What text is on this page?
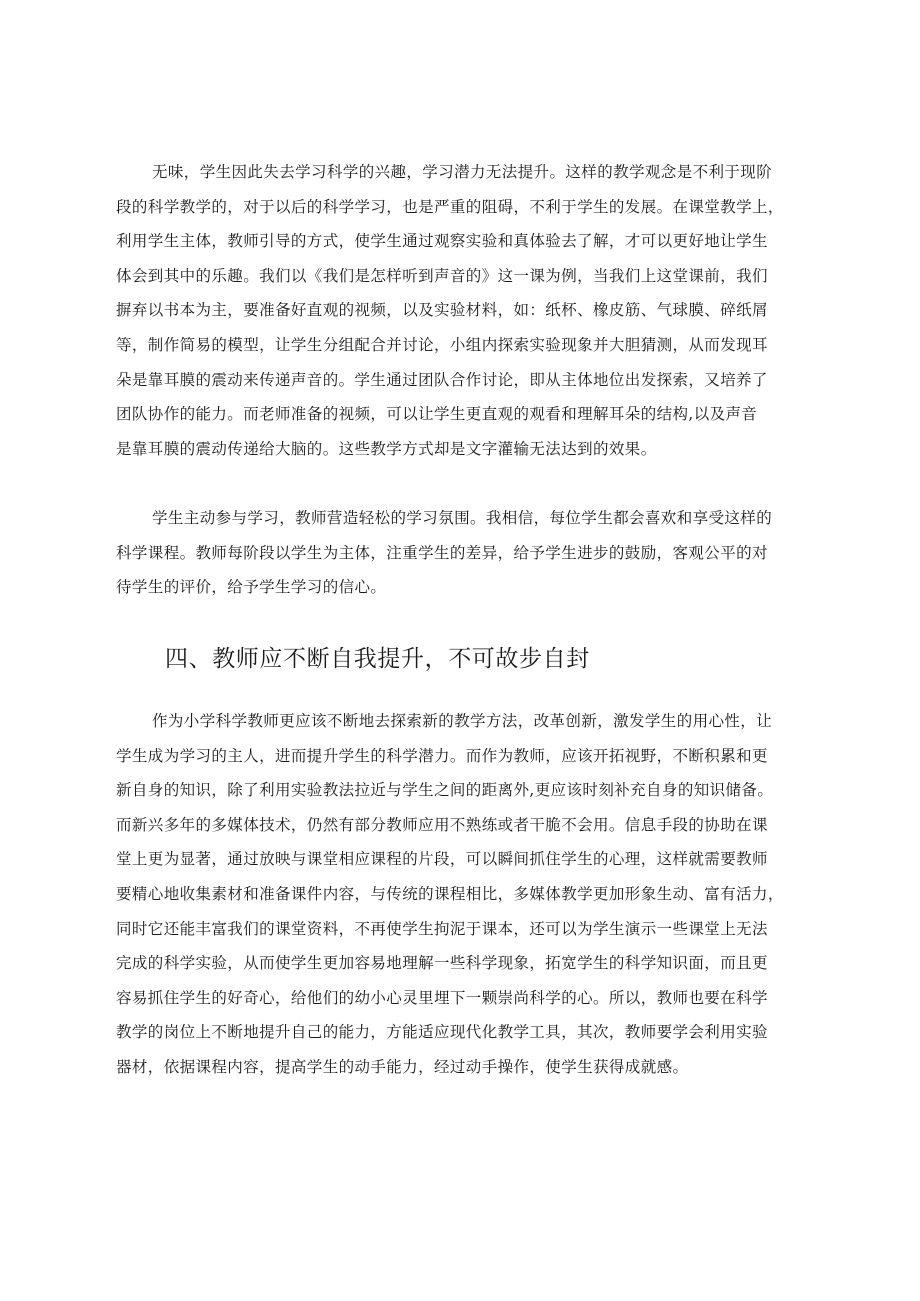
无味，学生因此失去学习科学的兴趣，学习潜力无法提升。这样的教学观念是不利于现阶
段的科学教学的，对于以后的科学学习，也是严重的阻碍，不利于学生的发展。在课堂教学上，
利用学生主体，教师引导的方式，使学生通过观察实验和真体验去了解，才可以更好地让学生
体会到其中的乐趣。我们以《我们是怎样听到声音的》这一课为例，当我们上这堂课前，我们
摒弃以书本为主，要准备好直观的视频，以及实验材料，如：纸杯、橡皮筋、气球膜、碎纸屑
等，制作简易的模型，让学生分组配合并讨论，小组内探索实验现象并大胆猜测，从而发现耳
朵是靠耳膜的震动来传递声音的。学生通过团队合作讨论，即从主体地位出发探索，又培养了
团队协作的能力。而老师准备的视频，可以让学生更直观的观看和理解耳朵的结构,以及声音
是靠耳膜的震动传递给大脑的。这些教学方式却是文字灌输无法达到的效果。
学生主动参与学习，教师营造轻松的学习氛围。我相信，每位学生都会喜欢和享受这样的
科学课程。教师每阶段以学生为主体，注重学生的差异，给予学生进步的鼓励，客观公平的对
待学生的评价，给予学生学习的信心。
四、教师应不断自我提升，不可故步自封
作为小学科学教师更应该不断地去探索新的教学方法，改革创新，激发学生的用心性，让
学生成为学习的主人，进而提升学生的科学潜力。而作为教师，应该开拓视野，不断积累和更
新自身的知识，除了利用实验教法拉近与学生之间的距离外,更应该时刻补充自身的知识储备。
而新兴多年的多媒体技术，仍然有部分教师应用不熟练或者干脆不会用。信息手段的协助在课
堂上更为显著，通过放映与课堂相应课程的片段，可以瞬间抓住学生的心理，这样就需要教师
要精心地收集素材和准备课件内容，与传统的课程相比，多媒体教学更加形象生动、富有活力，
同时它还能丰富我们的课堂资料，不再使学生拘泥于课本，还可以为学生演示一些课堂上无法
完成的科学实验，从而使学生更加容易地理解一些科学现象，拓宽学生的科学知识面，而且更
容易抓住学生的好奇心，给他们的幼小心灵里埋下一颗崇尚科学的心。所以，教师也要在科学
教学的岗位上不断地提升自己的能力，方能适应现代化教学工具，其次，教师要学会利用实验
器材，依据课程内容，提高学生的动手能力，经过动手操作，使学生获得成就感。
